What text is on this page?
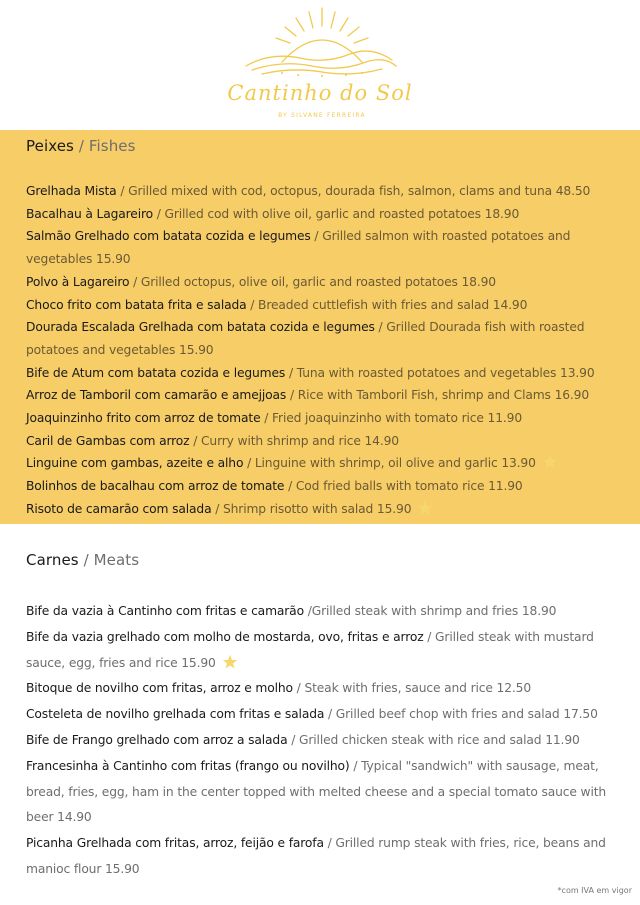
Cantinho do Sol
BY SILVANE FERREIRA
Peixes / Fishes
Grelhada Mista / Grilled mixed with cod, octopus, dourada fish, salmon, clams and tuna 48.50
Bacalhau à Lagareiro / Grilled cod with olive oil, garlic and roasted potatoes 18.90
Salmão Grelhado com batata cozida e legumes / Grilled salmon with roasted potatoes and vegetables 15.90
Polvo à Lagareiro / Grilled octopus, olive oil, garlic and roasted potatoes 18.90
Choco frito com batata frita e salada / Breaded cuttlefish with fries and salad 14.90
Dourada Escalada Grelhada com batata cozida e legumes / Grilled Dourada fish with roasted potatoes and vegetables 15.90
Bife de Atum com batata cozida e legumes / Tuna with roasted potatoes and vegetables 13.90
Arroz de Tamboril com camarão e amejjoas / Rice with Tamboril Fish, shrimp and Clams 16.90
Joaquinzinho frito com arroz de tomate / Fried joaquinzinho with tomato rice 11.90
Caril de Gambas com arroz / Curry with shrimp and rice 14.90
Linguine com gambas, azeite e alho / Linguine with shrimp, oil olive and garlic 13.90
Bolinhos de bacalhau com arroz de tomate / Cod fried balls with tomato rice 11.90
Risoto de camarão com salada / Shrimp risotto with salad 15.90
Carnes / Meats
Bife da vazia à Cantinho com fritas e camarão /Grilled steak with shrimp and fries 18.90
Bife da vazia grelhado com molho de mostarda, ovo, fritas e arroz / Grilled steak with mustard sauce, egg, fries and rice 15.90
Bitoque de novilho com fritas, arroz e molho / Steak with fries, sauce and rice 12.50
Costeleta de novilho grelhada com fritas e salada / Grilled beef chop with fries and salad 17.50
Bife de Frango grelhado com arroz a salada / Grilled chicken steak with rice and salad 11.90
Francesinha à Cantinho com fritas (frango ou novilho) / Typical "sandwich" with sausage, meat, bread, fries, egg, ham in the center topped with melted cheese and a special tomato sauce with beer 14.90
Picanha Grelhada com fritas, arroz, feijão e farofa / Grilled rump steak with fries, rice, beans and manioc flour 15.90
*com IVA em vigor
